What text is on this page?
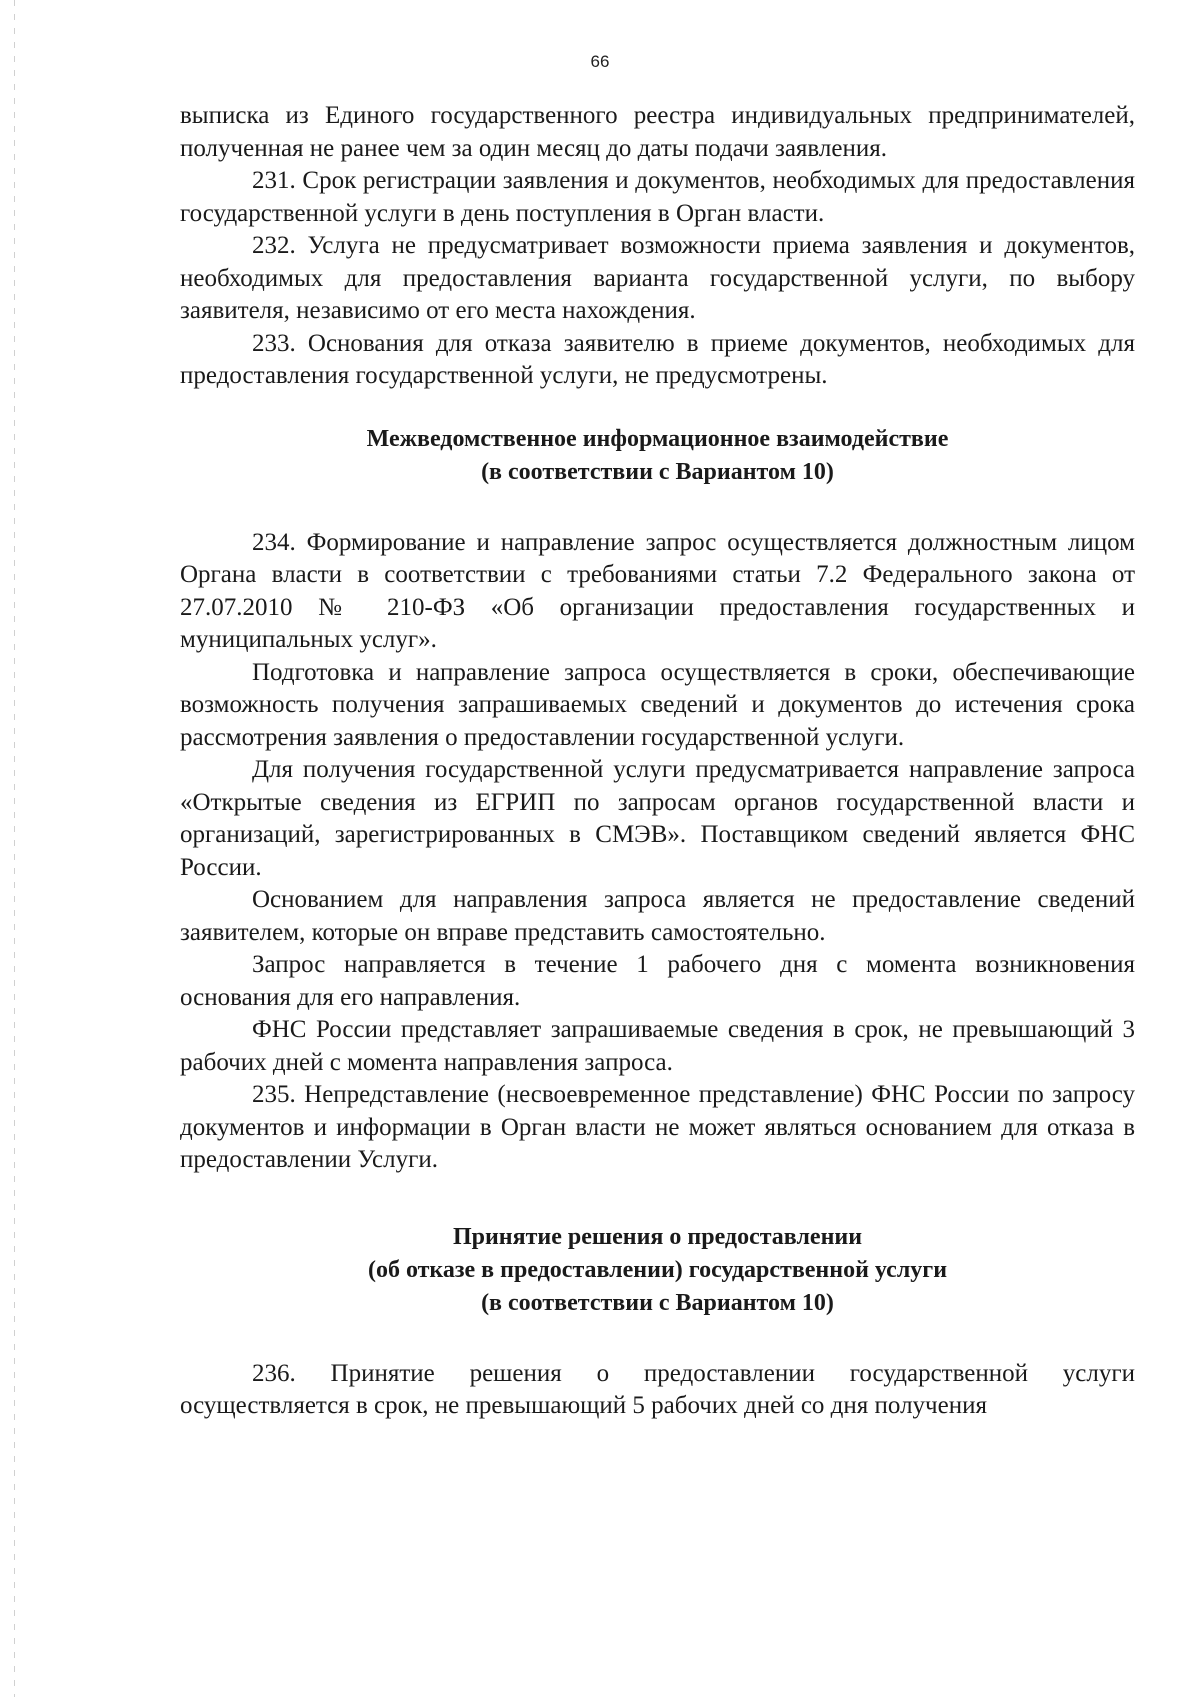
66

выписка из Единого государственного реестра индивидуальных предпринимателей, полученная не ранее чем за один месяц до даты подачи заявления.

231. Срок регистрации заявления и документов, необходимых для предоставления государственной услуги в день поступления в Орган власти.

232. Услуга не предусматривает возможности приема заявления и документов, необходимых для предоставления варианта государственной услуги, по выбору заявителя, независимо от его места нахождения.

233. Основания для отказа заявителю в приеме документов, необходимых для предоставления государственной услуги, не предусмотрены.

Межведомственное информационное взаимодействие
(в соответствии с Вариантом 10)

234. Формирование и направление запрос осуществляется должностным лицом Органа власти в соответствии с требованиями статьи 7.2 Федерального закона от 27.07.2010 № 210-ФЗ «Об организации предоставления государственных и муниципальных услуг».

Подготовка и направление запроса осуществляется в сроки, обеспечивающие возможность получения запрашиваемых сведений и документов до истечения срока рассмотрения заявления о предоставлении государственной услуги.

Для получения государственной услуги предусматривается направление запроса «Открытые сведения из ЕГРИП по запросам органов государственной власти и организаций, зарегистрированных в СМЭВ». Поставщиком сведений является ФНС России.

Основанием для направления запроса является не предоставление сведений заявителем, которые он вправе представить самостоятельно.

Запрос направляется в течение 1 рабочего дня с момента возникновения основания для его направления.

ФНС России представляет запрашиваемые сведения в срок, не превышающий 3 рабочих дней с момента направления запроса.

235. Непредставление (несвоевременное представление) ФНС России по запросу документов и информации в Орган власти не может являться основанием для отказа в предоставлении Услуги.

Принятие решения о предоставлении
(об отказе в предоставлении) государственной услуги
(в соответствии с Вариантом 10)

236. Принятие решения о предоставлении государственной услуги осуществляется в срок, не превышающий 5 рабочих дней со дня получения
